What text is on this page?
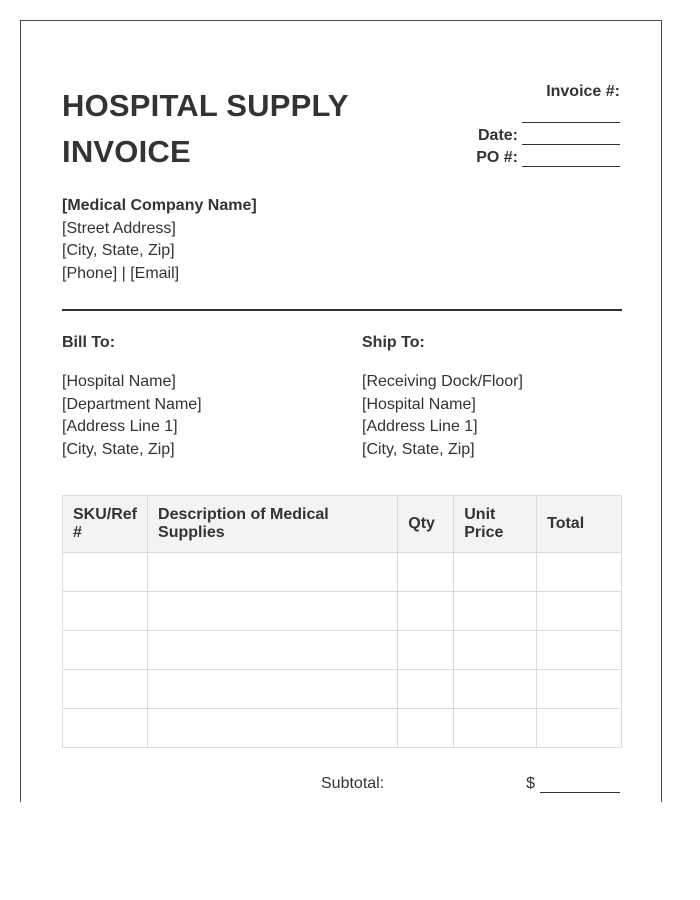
HOSPITAL SUPPLY
INVOICE
Invoice #:
Date:
PO #:
[Medical Company Name]
[Street Address]
[City, State, Zip]
[Phone] | [Email]
Bill To:
[Hospital Name]
[Department Name]
[Address Line 1]
[City, State, Zip]
Ship To:
[Receiving Dock/Floor]
[Hospital Name]
[Address Line 1]
[City, State, Zip]
SKU/Ref #	Description of Medical Supplies	Qty	Unit Price	Total

Subtotal:	$
